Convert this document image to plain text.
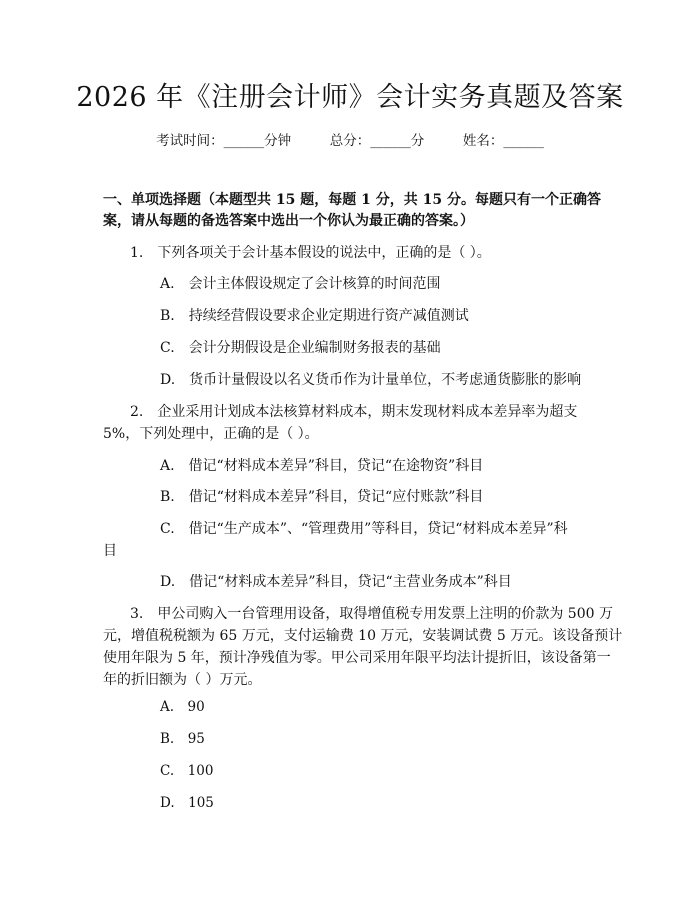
2026 年《注册会计师》会计实务真题及答案
考试时间：______分钟	总分：______分	姓名：______
一、单项选择题（本题型共 15 题，每题 1 分，共 15 分。每题只有一个正确答
案，请从每题的备选答案中选出一个你认为最正确的答案。）
1.　下列各项关于会计基本假设的说法中，正确的是（ ）。
A.　会计主体假设规定了会计核算的时间范围
B.　持续经营假设要求企业定期进行资产减值测试
C.　会计分期假设是企业编制财务报表的基础
D.　货币计量假设以名义货币作为计量单位，不考虑通货膨胀的影响
2.　企业采用计划成本法核算材料成本，期末发现材料成本差异率为超支
5%，下列处理中，正确的是（ ）。
A.　借记“材料成本差异”科目，贷记“在途物资”科目
B.　借记“材料成本差异”科目，贷记“应付账款”科目
C.　借记“生产成本”、“管理费用”等科目，贷记“材料成本差异”科
目
D.　借记“材料成本差异”科目，贷记“主营业务成本”科目
3.　甲公司购入一台管理用设备，取得增值税专用发票上注明的价款为 500 万
元，增值税税额为 65 万元，支付运输费 10 万元，安装调试费 5 万元。该设备预计
使用年限为 5 年，预计净残值为零。甲公司采用年限平均法计提折旧，该设备第一
年的折旧额为（ ）万元。
A.　90
B.　95
C.　100
D.　105
